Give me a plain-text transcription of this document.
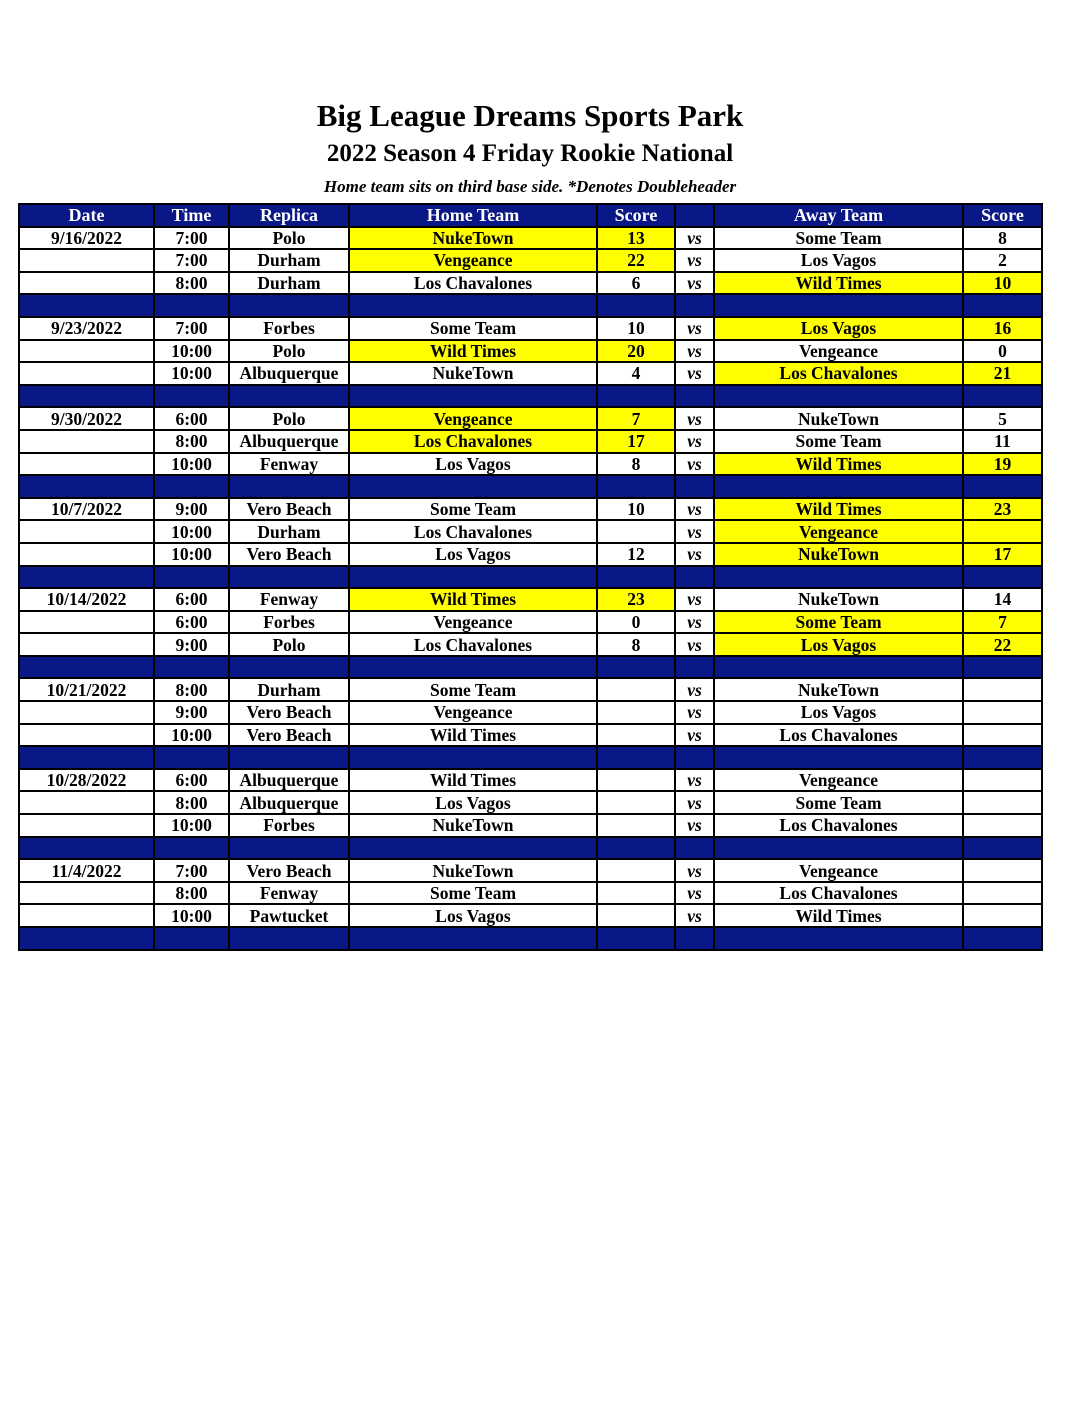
Big League Dreams Sports Park
2022 Season 4 Friday Rookie National
Home team sits on third base side. *Denotes Doubleheader
Date	Time	Replica	Home Team	Score		Away Team	Score
9/16/2022	7:00	Polo	NukeTown	13	vs	Some Team	8
	7:00	Durham	Vengeance	22	vs	Los Vagos	2
	8:00	Durham	Los Chavalones	6	vs	Wild Times	10

9/23/2022	7:00	Forbes	Some Team	10	vs	Los Vagos	16
	10:00	Polo	Wild Times	20	vs	Vengeance	0
	10:00	Albuquerque	NukeTown	4	vs	Los Chavalones	21

9/30/2022	6:00	Polo	Vengeance	7	vs	NukeTown	5
	8:00	Albuquerque	Los Chavalones	17	vs	Some Team	11
	10:00	Fenway	Los Vagos	8	vs	Wild Times	19

10/7/2022	9:00	Vero Beach	Some Team	10	vs	Wild Times	23
	10:00	Durham	Los Chavalones		vs	Vengeance	
	10:00	Vero Beach	Los Vagos	12	vs	NukeTown	17

10/14/2022	6:00	Fenway	Wild Times	23	vs	NukeTown	14
	6:00	Forbes	Vengeance	0	vs	Some Team	7
	9:00	Polo	Los Chavalones	8	vs	Los Vagos	22

10/21/2022	8:00	Durham	Some Team		vs	NukeTown	
	9:00	Vero Beach	Vengeance		vs	Los Vagos	
	10:00	Vero Beach	Wild Times		vs	Los Chavalones	

10/28/2022	6:00	Albuquerque	Wild Times		vs	Vengeance	
	8:00	Albuquerque	Los Vagos		vs	Some Team	
	10:00	Forbes	NukeTown		vs	Los Chavalones	

11/4/2022	7:00	Vero Beach	NukeTown		vs	Vengeance	
	8:00	Fenway	Some Team		vs	Los Chavalones	
	10:00	Pawtucket	Los Vagos		vs	Wild Times	
